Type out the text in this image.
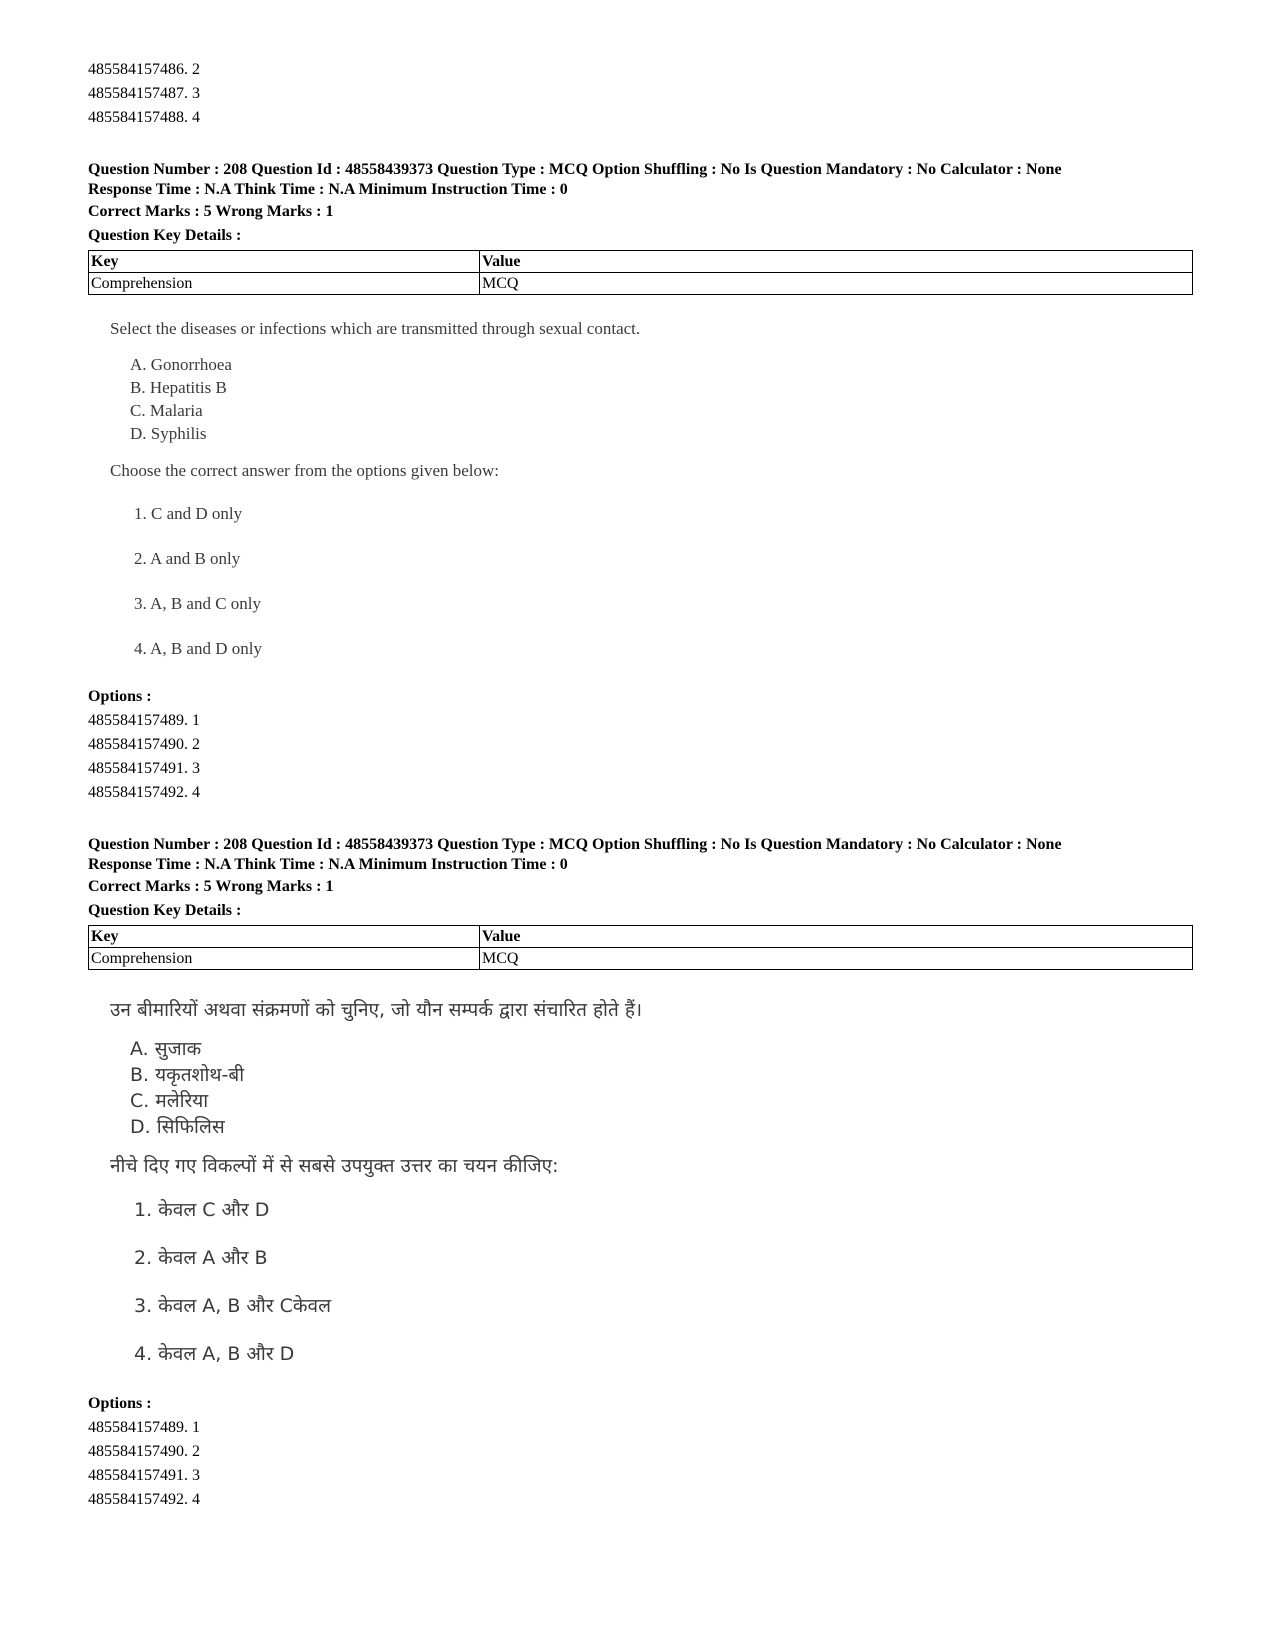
485584157486. 2
485584157487. 3
485584157488. 4
Question Number : 208 Question Id : 48558439373 Question Type : MCQ Option Shuffling : No Is Question Mandatory : No Calculator : None
Response Time : N.A Think Time : N.A Minimum Instruction Time : 0
Correct Marks : 5 Wrong Marks : 1
Question Key Details :
Key	Value
Comprehension	MCQ
Select the diseases or infections which are transmitted through sexual contact.
A. Gonorrhoea
B. Hepatitis B
C. Malaria
D. Syphilis
Choose the correct answer from the options given below:
1. C and D only
2. A and B only
3. A, B and C only
4. A, B and D only
Options :
485584157489. 1
485584157490. 2
485584157491. 3
485584157492. 4
Question Number : 208 Question Id : 48558439373 Question Type : MCQ Option Shuffling : No Is Question Mandatory : No Calculator : None
Response Time : N.A Think Time : N.A Minimum Instruction Time : 0
Correct Marks : 5 Wrong Marks : 1
Question Key Details :
Key	Value
Comprehension	MCQ
उन बीमारियों अथवा संक्रमणों को चुनिए, जो यौन सम्पर्क द्वारा संचारित होते हैं।
A. सुजाक
B. यकृतशोथ-बी
C. मलेरिया
D. सिफिलिस
नीचे दिए गए विकल्पों में से सबसे उपयुक्त उत्तर का चयन कीजिए:
1. केवल C और D
2. केवल A और B
3. केवल A, B और Cकेवल
4. केवल A, B और D
Options :
485584157489. 1
485584157490. 2
485584157491. 3
485584157492. 4
